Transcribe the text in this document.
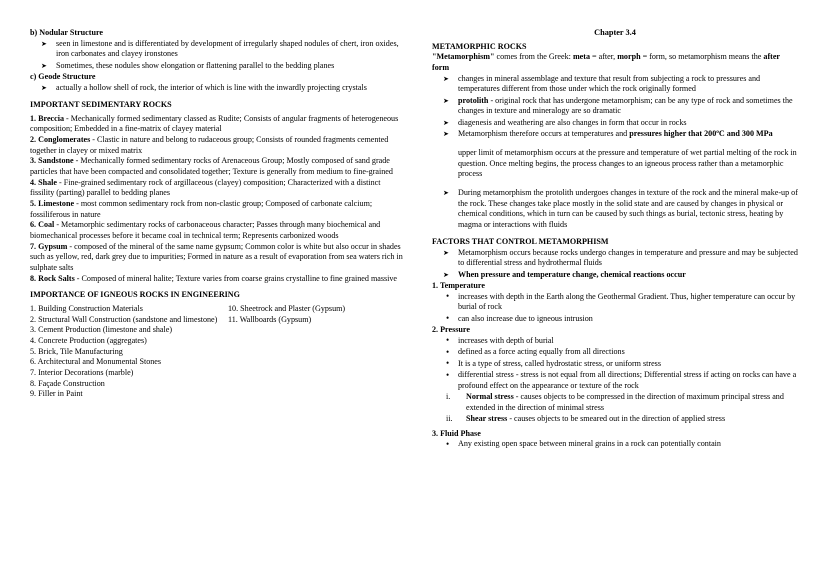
b) Nodular Structure

➤ seen in limestone and is differentiated by development of irregularly shaped nodules of chert, iron oxides, iron carbonates and clayey ironstones
➤ Sometimes, these nodules show elongation or flattening parallel to the bedding planes

c) Geode Structure

➤ actually a hollow shell of rock, the interior of which is line with the inwardly projecting crystals

IMPORTANT SEDIMENTARY ROCKS

1. Breccia - Mechanically formed sedimentary classed as Rudite; Consists of angular fragments of heterogeneous composition; Embedded in a fine-matrix of clayey material

2. Conglomerates - Clastic in nature and belong to rudaceous group; Consists of rounded fragments cemented together in clayey or mixed matrix

3. Sandstone - Mechanically formed sedimentary rocks of Arenaceous Group; Mostly composed of sand grade particles that have been compacted and consolidated together; Texture is generally from medium to fine-grained

4. Shale - Fine-grained sedimentary rock of argillaceous (clayey) composition; Characterized with a distinct fissility (parting) parallel to bedding planes

5. Limestone - most common sedimentary rock from non-clastic group; Composed of carbonate calcium; fossiliferous in nature

6. Coal - Metamorphic sedimentary rocks of carbonaceous character; Passes through many biochemical and biomechanical processes before it became coal in technical term; Represents carbonized woods

7. Gypsum - composed of the mineral of the same name gypsum; Common color is white but also occur in shades such as yellow, red, dark grey due to impurities; Formed in nature as a result of evaporation from sea waters rich in sulphate salts

8. Rock Salts - Composed of mineral halite; Texture varies from coarse grains crystalline to fine grained massive

IMPORTANCE OF IGNEOUS ROCKS IN ENGINEERING

1. Building Construction Materials	10. Sheetrock and Plaster (Gypsum)
2. Structural Wall Construction (sandstone and limestone)	11. Wallboards (Gypsum)
3. Cement Production (limestone and shale)
4. Concrete Production (aggregates)
5. Brick, Tile Manufacturing
6. Architectural and Monumental Stones
7. Interior Decorations (marble)
8. Façade Construction
9. Filler in Paint
Chapter 3.4

METAMORPHIC ROCKS

"Metamorphism" comes from the Greek: meta = after, morph = form, so metamorphism means the after form

➤ changes in mineral assemblage and texture that result from subjecting a rock to pressures and temperatures different from those under which the rock originally formed
➤ protolith - original rock that has undergone metamorphism; can be any type of rock and sometimes the changes in texture and mineralogy are so dramatic
➤ diagenesis and weathering are also changes in form that occur in rocks
➤ Metamorphism therefore occurs at temperatures and pressures higher that 200ºC and 300 MPa

upper limit of metamorphism occurs at the pressure and temperature of wet partial melting of the rock in question. Once melting begins, the process changes to an igneous process rather than a metamorphic process

➤ During metamorphism the protolith undergoes changes in texture of the rock and the mineral make-up of the rock. These changes take place mostly in the solid state and are caused by changes in physical or chemical conditions, which in turn can be caused by such things as burial, tectonic stress, heating by magma or interactions with fluids

FACTORS THAT CONTROL METAMORPHISM

➤ Metamorphism occurs because rocks undergo changes in temperature and pressure and may be subjected to differential stress and hydrothermal fluids
➤ When pressure and temperature change, chemical reactions occur

1. Temperature

• increases with depth in the Earth along the Geothermal Gradient. Thus, higher temperature can occur by burial of rock
• can also increase due to igneous intrusion

2. Pressure

• increases with depth of burial
• defined as a force acting equally from all directions
• It is a type of stress, called hydrostatic stress, or uniform stress
• differential stress - stress is not equal from all directions; Differential stress if acting on rocks can have a profound effect on the appearance or texture of the rock
i. Normal stress - causes objects to be compressed in the direction of maximum principal stress and extended in the direction of minimal stress
ii. Shear stress - causes objects to be smeared out in the direction of applied stress

3. Fluid Phase

• Any existing open space between mineral grains in a rock can potentially contain
